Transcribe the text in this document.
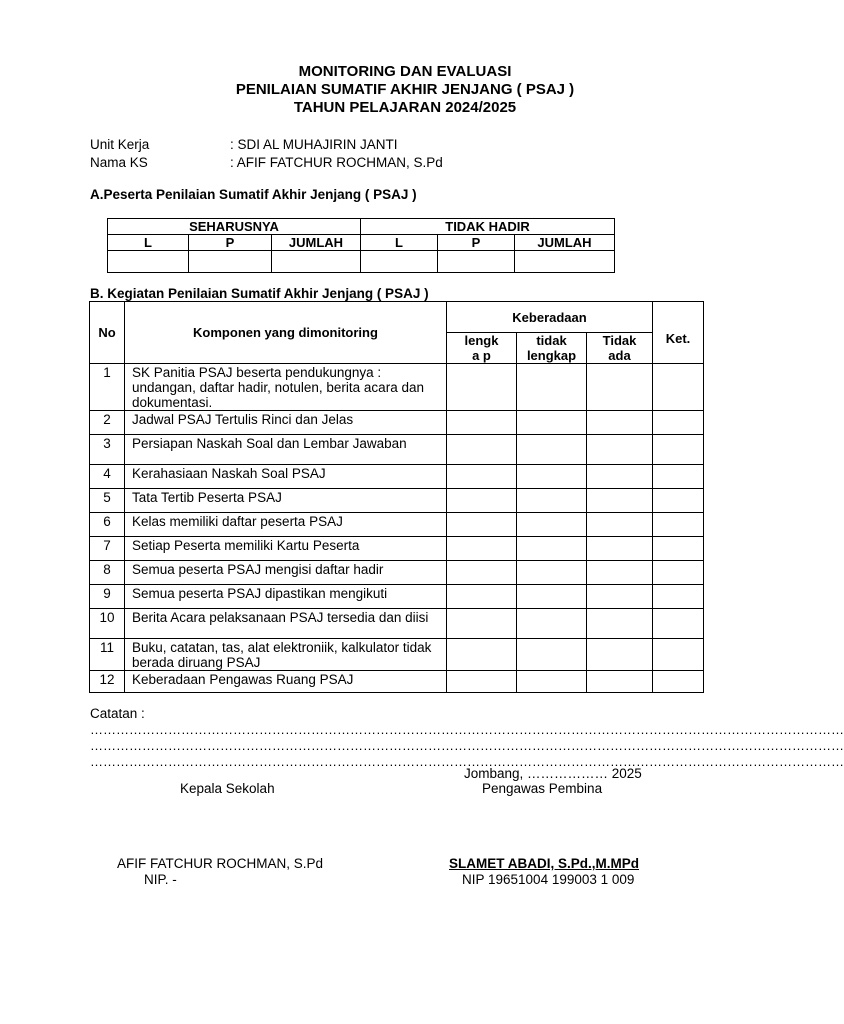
MONITORING DAN EVALUASI
PENILAIAN SUMATIF AKHIR JENJANG ( PSAJ )
TAHUN PELAJARAN 2024/2025
Unit Kerja	: SDI AL MUHAJIRIN JANTI
Nama KS	: AFIF FATCHUR ROCHMAN, S.Pd
A.Peserta Penilaian Sumatif Akhir Jenjang ( PSAJ )
SEHARUSNYA			TIDAK HADIR		
L	P	JUMLAH	L	P	JUMLAH

B. Kegiatan Penilaian Sumatif Akhir Jenjang ( PSAJ )
No	Komponen yang dimonitoring	Keberadaan			Ket.

		lengka p	tidak lengkap	Tidak ada	

1	SK Panitia PSAJ beserta pendukungnya : undangan, daftar hadir, notulen, berita acara dan dokumentasi.				
2	Jadwal PSAJ Tertulis Rinci dan Jelas				
3	Persiapan Naskah Soal dan Lembar Jawaban				
4	Kerahasiaan Naskah Soal PSAJ				
5	Tata Tertib Peserta PSAJ				
6	Kelas memiliki daftar peserta PSAJ				
7	Setiap Peserta memiliki Kartu Peserta				
8	Semua peserta PSAJ mengisi daftar hadir				
9	Semua peserta PSAJ dipastikan mengikuti				
10	Berita Acara pelaksanaan PSAJ tersedia dan diisi				
11	Buku, catatan, tas, alat elektroniik, kalkulator tidak berada diruang PSAJ				
12	Keberadaan Pengawas Ruang PSAJ				
Catatan :
…………………………………………………………………………………………………………………………………………………………
…………………………………………………………………………………………………………………………………………………………
…………………………………………………………………………………………………………………………………………………………
Jombang, ……………… 2025
Kepala Sekolah	Pengawas Pembina
AFIF FATCHUR ROCHMAN, S.Pd
NIP. -
SLAMET ABADI, S.Pd.,M.MPd
NIP 19651004 199003 1 009
